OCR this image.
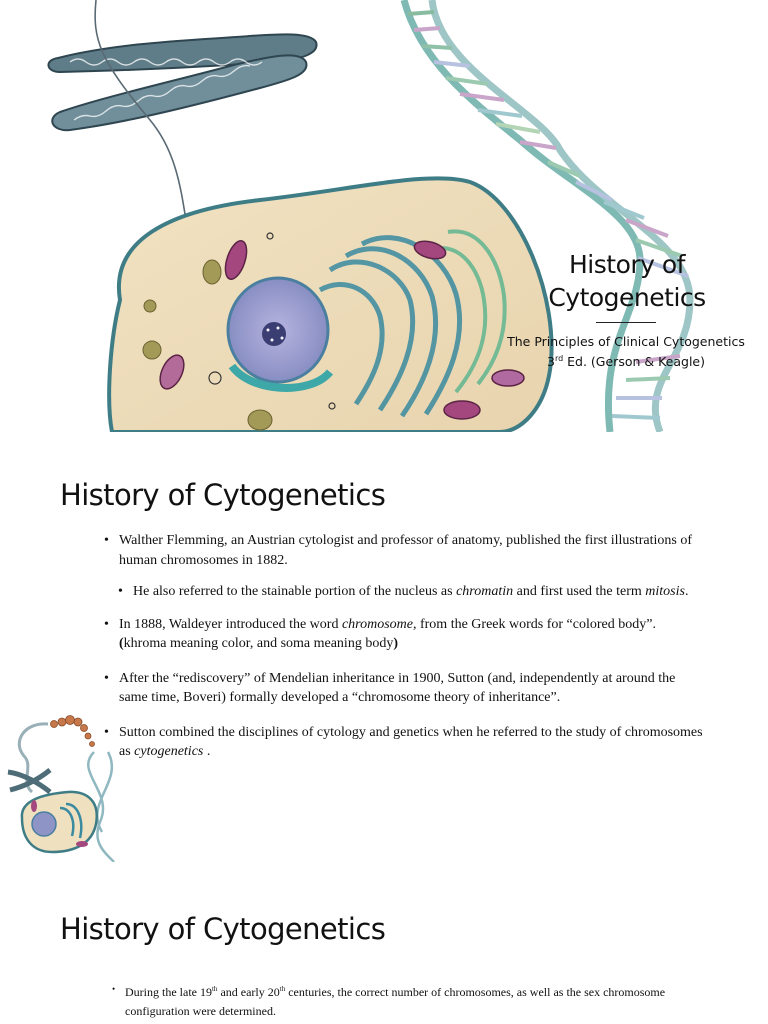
History of
Cytogenetics
The Principles of Clinical Cytogenetics
3rd Ed. (Gerson & Keagle)
History of Cytogenetics
• Walther Flemming, an Austrian cytologist and professor of anatomy, published the first illustrations of human chromosomes in 1882.
• He also referred to the stainable portion of the nucleus as chromatin and first used the term mitosis.
• In 1888, Waldeyer introduced the word chromosome, from the Greek words for “colored body”. (khroma meaning color, and soma meaning body)
• After the “rediscovery” of Mendelian inheritance in 1900, Sutton (and, independently at around the same time, Boveri) formally developed a “chromosome theory of inheritance”.
• Sutton combined the disciplines of cytology and genetics when he referred to the study of chromosomes as cytogenetics .
History of Cytogenetics
• During the late 19th and early 20th centuries, the correct number of chromosomes, as well as the sex chromosome configuration were determined.
